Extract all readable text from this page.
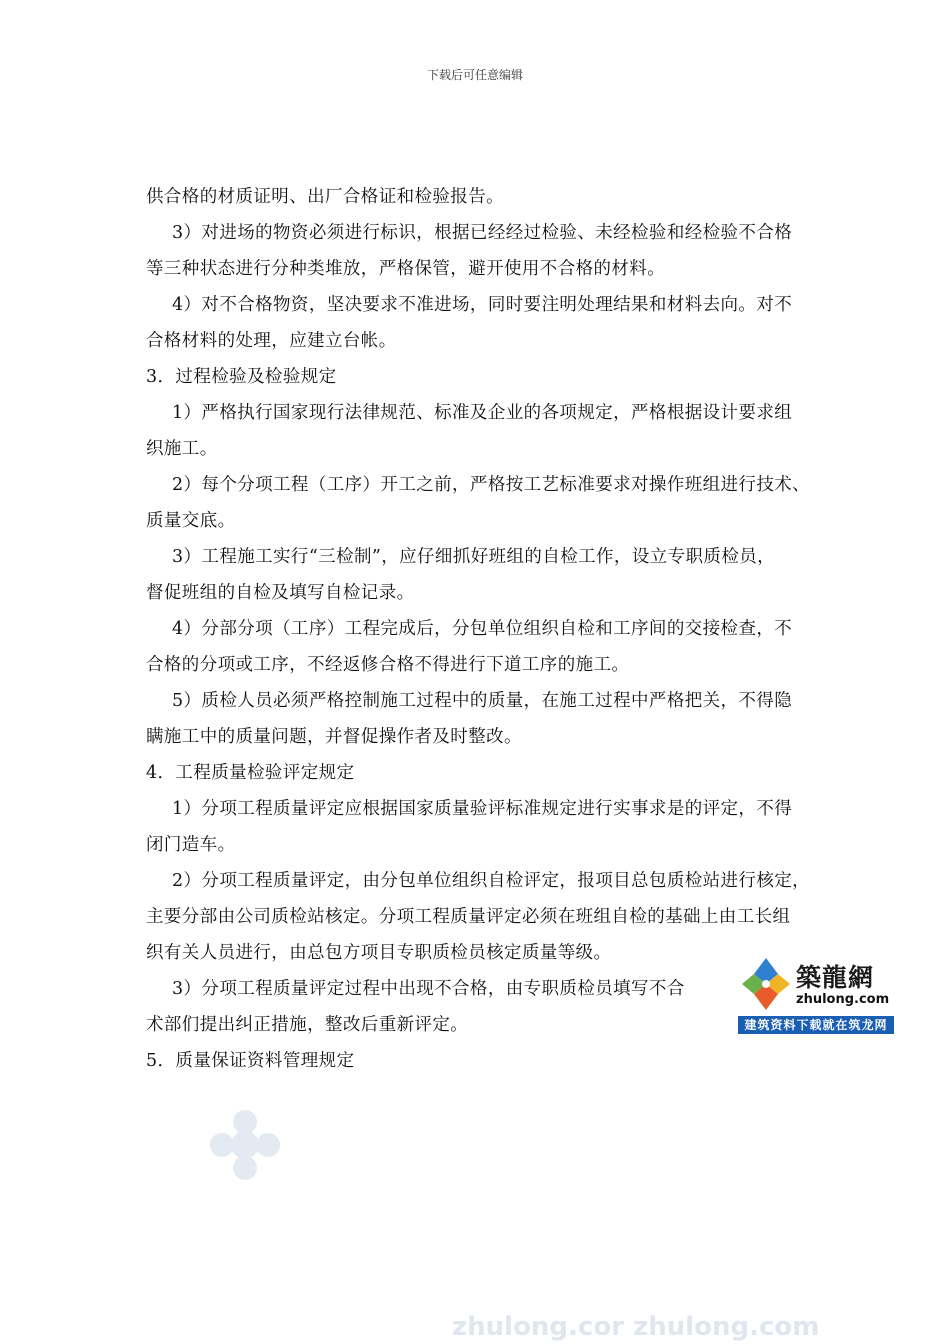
下载后可任意编辑
供合格的材质证明、出厂合格证和检验报告。
3）对进场的物资必须进行标识，根据已经经过检验、未经检验和经检验不合格
等三种状态进行分种类堆放，严格保管，避开使用不合格的材料。
4）对不合格物资，坚决要求不准进场，同时要注明处理结果和材料去向。对不
合格材料的处理，应建立台帐。
3．过程检验及检验规定
1）严格执行国家现行法律规范、标准及企业的各项规定，严格根据设计要求组
织施工。
2）每个分项工程（工序）开工之前，严格按工艺标准要求对操作班组进行技术、
质量交底。
3）工程施工实行“三检制”，应仔细抓好班组的自检工作，设立专职质检员，
督促班组的自检及填写自检记录。
4）分部分项（工序）工程完成后，分包单位组织自检和工序间的交接检查，不
合格的分项或工序，不经返修合格不得进行下道工序的施工。
5）质检人员必须严格控制施工过程中的质量，在施工过程中严格把关，不得隐
瞒施工中的质量问题，并督促操作者及时整改。
4．工程质量检验评定规定
1）分项工程质量评定应根据国家质量验评标准规定进行实事求是的评定，不得
闭门造车。
2）分项工程质量评定，由分包单位组织自检评定，报项目总包质检站进行核定，
主要分部由公司质检站核定。分项工程质量评定必须在班组自检的基础上由工长组
织有关人员进行，由总包方项目专职质检员核定质量等级。
3）分项工程质量评定过程中出现不合格，由专职质检员填写不合
术部们提出纠正措施，整改后重新评定。
5．质量保证资料管理规定
築龍網
zhulong.com
建筑资料下载就在筑龙网
zhulong.cor zhulong.com
